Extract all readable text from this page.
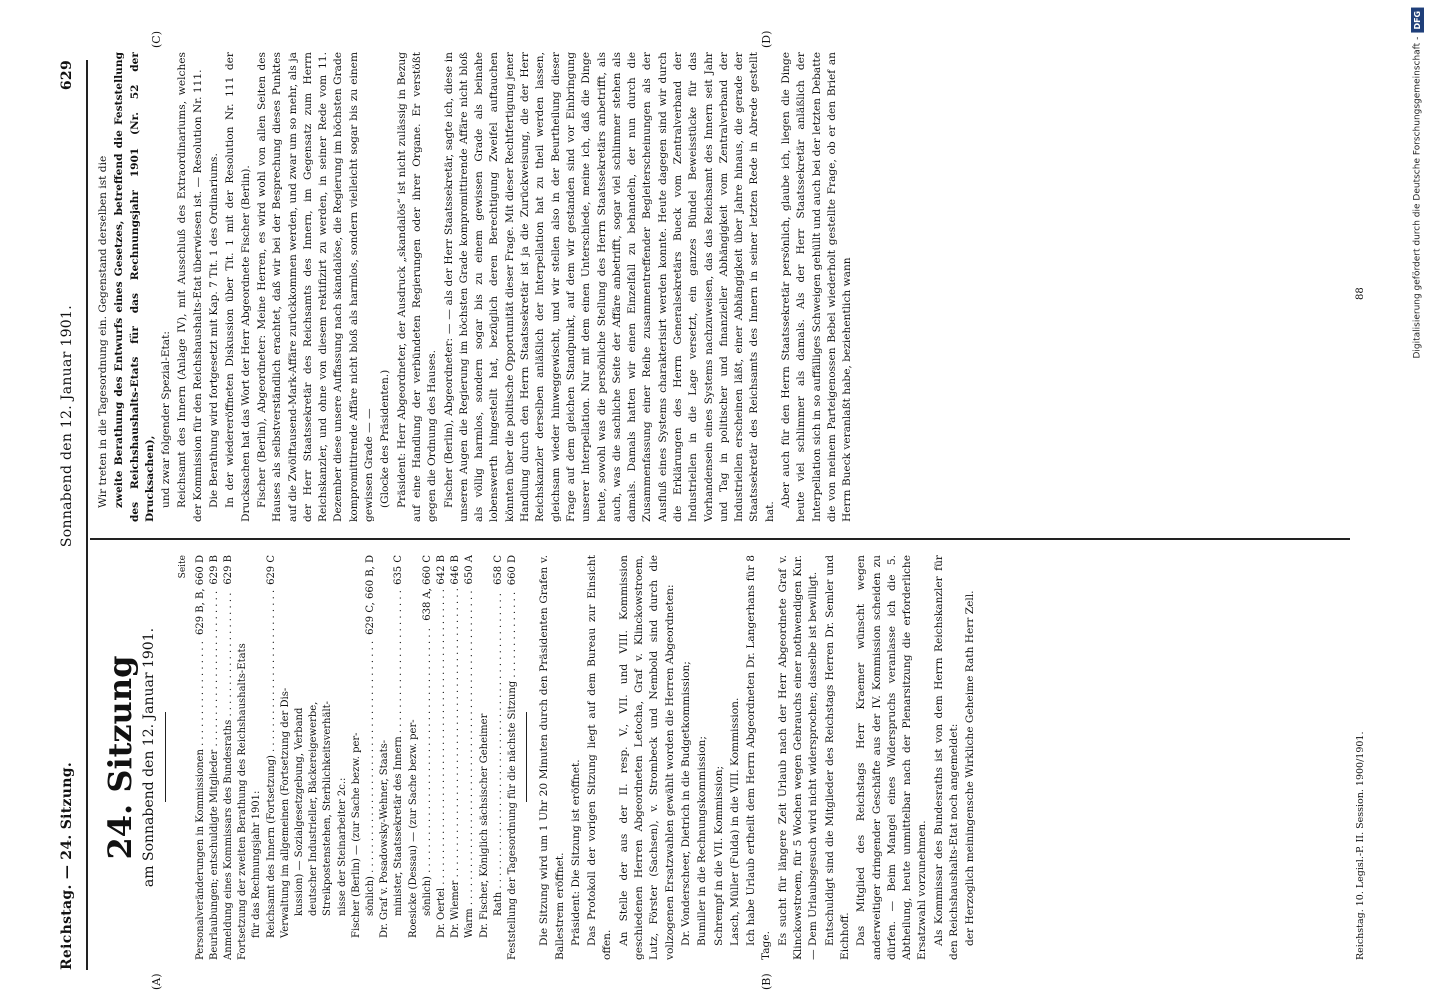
Reichstag. — 24. Sitzung.
Sonnabend den 12. Januar 1901.
629
(A)	(B)
(C)	(D)
24. Sitzung am Sonnabend den 12. Januar 1901.
Seite
Personalveränderungen in Kommissionen . . .
629 B, B, 660 D
Beurlaubungen; entschuldigte Mitglieder . . .
629 B
Anmeldung eines Kommissars des Bundesraths . . .
629 B
Fortsetzung der zweiten Berathung des Reichshaushalts-Etats für das Rechnungsjahr 1901: Reichsamt des Innern (Fortsetzung) . . .
629 C
Verwaltung im allgemeinen (Fortsetzung der Dis- kussion) — Sozialgesetzgebung, Verband deutscher Industrieller, Bäckereigewerbe, Streikpostenstehen, Sterblichkeitsverhält- nisse der Steinarbeiter 2c.: Fischer (Berlin) — (zur Sache bezw. per- sönlich) . . .
629 C, 660 B, D
Dr. Graf v. Posadowsky-Wehner, Staats- minister, Staatssekretär des Innern . . .
635 C
Roesicke (Dessau) — (zur Sache bezw. per- sönlich) . . .
638 A, 660 C
Dr. Oertel . . .
642 B
Dr. Wiemer . . .
646 B
Warm . . .
650 A
Dr. Fischer, Königlich sächsischer Geheimer Rath . . .
658 C
Feststellung der Tagesordnung für die nächste Sitzung . . .
660 D Die Sitzung wird um 1 Uhr 20 Minuten durch den Präsidenten Grafen v. Ballestrem eröffnet. Präsident: Die Sitzung ist eröffnet. Das Protokoll der vorigen Sitzung liegt auf dem Bureau zur Einsicht offen. An Stelle der aus der II. resp. V., VII. und VIII. Kommission geschiedenen Herren Abgeordneten Letocha, Graf v. Klinckowstroem, Lutz, Förster (Sachsen), v. Strombeck und Nembold sind durch die vollzogenen Ersatzwahlen gewählt worden die Herren Abgeordneten: Dr. Vonderscheer, Dietrich in die Budgetkommission; Bumiller in die Rechnungskommission; Schrempf in die VII. Kommission; Lasch, Müller (Fulda) in die VIII. Kommission. Ich habe Urlaub ertheilt dem Herrn Abgeordneten Dr. Langerhans für 8 Tage. Es sucht für längere Zeit Urlaub nach der Herr Abgeordnete Graf v. Klinckowstroem, für 5 Wochen wegen Gebrauchs einer nothwendigen Kur. — Dem Urlaubsgesuch wird nicht widersprochen; dasselbe ist bewilligt. Entschuldigt sind die Mitglieder des Reichstags Herren Dr. Semler und Eichhoff. Das Mitglied des Reichstags Herr Kraemer wünscht wegen anderweitiger dringender Geschäfte aus der IV. Kommission scheiden zu dürfen. — Beim Mangel eines Widerspruchs veranlasse ich die 5. Abtheilung, heute unmittelbar nach der Plenarsitzung die erforderliche Ersatzwahl vorzunehmen. Als Kommissar des Bundesraths ist von dem Herrn Reichskanzler für den Reichshaushalts-Etat noch angemeldet: der Herzoglich meiningensche Wirkliche Geheime Rath Herr Zell.

Wir treten in die Tagesordnung ein. Gegenstand derselben ist die zweite Berathung des Entwurfs eines Gesetzes, betreffend die Feststellung des Reichshaushalts-Etats für das Rechnungsjahr 1901 (Nr. 52 der Drucksachen), und zwar folgender Spezial-Etat: Reichsamt des Innern (Anlage IV), mit Ausschluß des Extraordinariums, welches der Kommission für den Reichshaushalts-Etat überwiesen ist. — Resolution Nr. 111. Die Berathung wird fortgesetzt mit Kap. 7 Tit. 1 des Ordinariums. In der wiedereröffneten Diskussion über Tit. 1 mit der Resolution Nr. 111 der Drucksachen hat das Wort der Herr Abgeordnete Fischer (Berlin). Fischer (Berlin), Abgeordneter: Meine Herren, es wird wohl von allen Seiten des Hauses als selbstverständlich erachtet, daß wir bei der Besprechung dieses Punktes auf die Zwölftausend-Mark-Affäre zurückkommen werden, und zwar um so mehr, als ja der Herr Staatssekretär des Reichsamts des Innern, im Gegensatz zum Herrn Reichskanzler, und ohne von diesem rektifizirt zu werden, in seiner Rede vom 11. Dezember diese unsere Auffassung nach skandalöse, die Regierung im höchsten Grade kompromittirende Affäre nicht bloß als harmlos, sondern vielleicht sogar bis zu einem gewissen Grade — — (Glocke des Präsidenten.) Präsident: Herr Abgeordneter, der Ausdruck „skandalös“ ist nicht zulässig in Bezug auf eine Handlung der verbündeten Regierungen oder ihrer Organe. Er verstößt gegen die Ordnung des Hauses. Fischer (Berlin), Abgeordneter: — — als der Herr Staatssekretär, sagte ich, diese in unseren Augen die Regierung im höchsten Grade kompromittirende Affäre nicht bloß als völlig harmlos, sondern sogar bis zu einem gewissen Grade als beinahe lobenswerth hingestellt hat, bezüglich deren Berechtigung Zweifel auftauchen könnten über die politische Opportunität dieser Frage. Mit dieser Rechtfertigung jener Handlung durch den Herrn Staatssekretär ist ja die Zurückweisung, die der Herr Reichskanzler derselben anläßlich der Interpellation hat zu theil werden lassen, gleichsam wieder hinweggewischt, und wir stellen also in der Beurtheilung dieser Frage auf dem gleichen Standpunkt, auf dem wir gestanden sind vor Einbringung unserer Interpellation. Nur mit dem einen Unterschiede, meine ich, daß die Dinge heute, sowohl was die persönliche Stellung des Herrn Staatssekretärs anbetrifft, als auch, was die sachliche Seite der Affäre anbetrifft, sogar viel schlimmer stehen als damals. Damals hatten wir einen Einzelfall zu behandeln, der nun durch die Zusammenfassung einer Reihe zusammentreffender Begleiterscheinungen als der Ausfluß eines Systems charakterisirt werden konnte. Heute dagegen sind wir durch die Erklärungen des Herrn Generalsekretärs Bueck vom Zentralverband der Industriellen in die Lage versetzt, ein ganzes Bündel Beweisstücke für das Vorhandensein eines Systems nachzuweisen, das das Reichsamt des Innern seit Jahr und Tag in politischer und finanzieller Abhängigkeit vom Zentralverband der Industriellen erscheinen läßt, einer Abhängigkeit über Jahre hinaus, die gerade der Staatssekretär des Reichsamts des Innern in seiner letzten Rede in Abrede gestellt hat.

Aber auch für den Herrn Staatssekretär persönlich, glaube ich, liegen die Dinge heute viel schlimmer als damals. Als der Herr Staatssekretär anläßlich der Interpellation sich in so auffälliges Schweigen gehüllt und auch bei der letzten Debatte die von meinem Parteigenossen Bebel wiederholt gestellte Frage, ob er den Brief an Herrn Bueck veranlaßt habe, beziehentlich wann

Reichstag. 10. Legisl.-P. II. Session. 1900/1901.
88	Digitalisierung gefördert durch die Deutsche Forschungsgemeinschaft -
DFG
